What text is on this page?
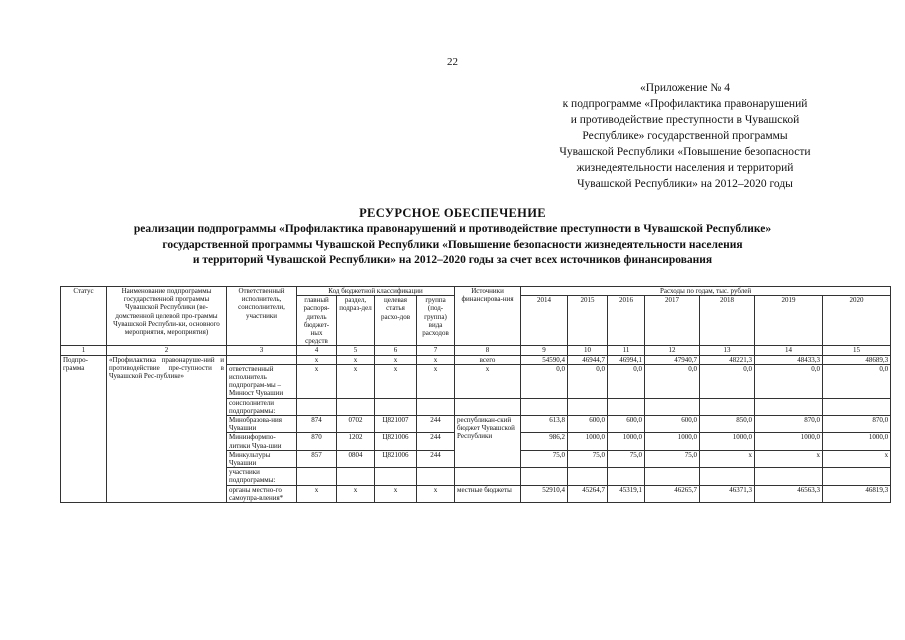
22
«Приложение № 4
к подпрограмме «Профилактика правонарушений
и противодействие преступности в Чувашской
Республике» государственной программы
Чувашской Республики «Повышение безопасности
жизнедеятельности населения и территорий
Чувашской Республики» на 2012–2020 годы
РЕСУРСНОЕ ОБЕСПЕЧЕНИЕ
реализации подпрограммы «Профилактика правонарушений и противодействие преступности в Чувашской Республике»
государственной программы Чувашской Республики «Повышение безопасности жизнедеятельности населения
и территорий Чувашской Республики» на 2012–2020 годы за счет всех источников финансирования
Статус	Наименование подпрограммы государственной программы Чувашской Республики (ве-домственной целевой про-граммы Чувашской Республи-ки, основного мероприятия, мероприятия)	Ответственный исполнитель, соисполнители, участники	Код бюджетной классификации				Источники финансирова-ния	Расходы по годам, тыс. рублей						
			главный распоря-дитель бюджет-ных средств	раздел, подраз-дел	целевая статья расхо-дов	группа (под-группа) вида расходов		2014	2015	2016	2017	2018	2019	2020
1	2	3	4	5	6	7	8	9	10	11	12	13	14	15
Подпро-грамма	«Профилактика правонаруше-ний и противодействие пре-ступности в Чувашской Рес-публике»		х	х	х	х	всего	54590,4	46944,7	46994,1	47940,7	48221,3	48433,3	48689,3
		ответственный исполнитель подпрограм-мы – Минюст Чувашии	х	х	х	х	х	0,0	0,0	0,0	0,0	0,0	0,0	0,0
		соисполнители подпрограммы:												
		Минобразова-ния Чувашии	874	0702	Ц821007	244	республикан-ский бюджет Чувашской Республики	613,8	600,0	600,0	600,0	850,0	870,0	870,0
		Мининформпо-литики Чува-шии	870	1202	Ц821006	244		986,2	1000,0	1000,0	1000,0	1000,0	1000,0	1000,0
		Минкультуры Чувашии	857	0804	Ц821006	244		75,0	75,0	75,0	75,0	х	х	х
		участники подпрограммы:												
		органы местно-го самоупра-вления*	х	х	х	х	местные бюджеты	52910,4	45264,7	45319,1	46265,7	46371,3	46563,3	46819,3
